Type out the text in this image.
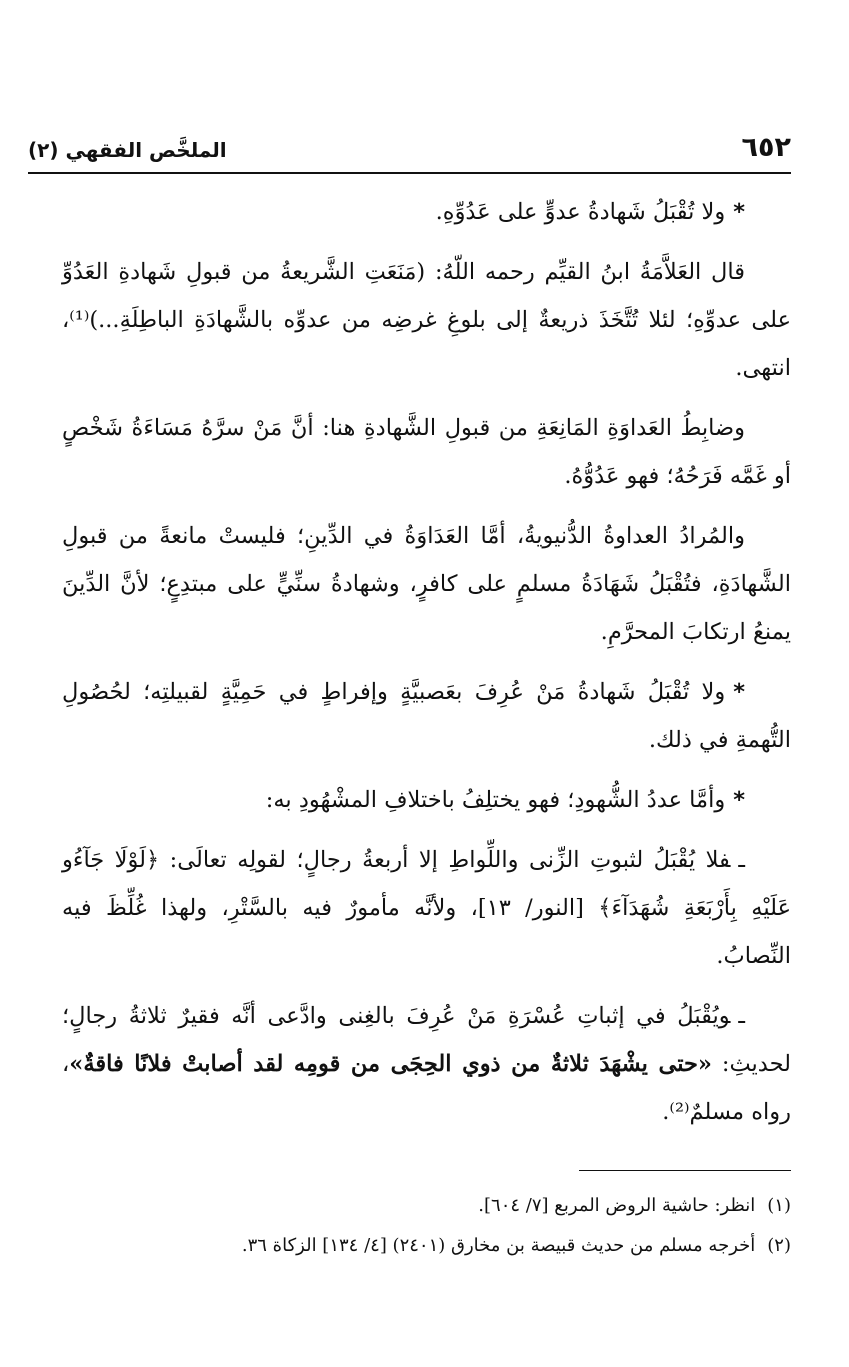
٦٥٢
الملخَّص الفقهي (٢)

*ولا تُقْبَلُ شَهادةُ عدوٍّ على عَدُوِّهِ.

قال العَلاَّمَةُ ابنُ القيِّم رحمه اللّهُ: (مَنَعَتِ الشَّريعةُ من قبولِ شَهادةِ العَدُوِّ على عدوِّهِ؛ لئلا تُتَّخَذَ ذريعةٌ إلى بلوغِ غرضِه من عدوِّه بالشَّهادَةِ الباطِلَةِ...)⁽¹⁾، انتهى.

وضابِطُ العَداوَةِ المَانِعَةِ من قبولِ الشَّهادةِ هنا: أنَّ مَنْ سرَّهُ مَسَاءَةُ شَخْصٍ أو غَمَّه فَرَحُهُ؛ فهو عَدُوُّهُ.

والمُرادُ العداوةُ الدُّنيويةُ، أمَّا العَدَاوَةُ في الدِّينِ؛ فليستْ مانعةً من قبولِ الشَّهادَةِ، فتُقْبَلُ شَهَادَةُ مسلمٍ على كافرٍ، وشهادةُ سنِّيٍّ على مبتدِعٍ؛ لأنَّ الدِّينَ يمنعُ ارتكابَ المحرَّمِ.

*ولا تُقْبَلُ شَهادةُ مَنْ عُرِفَ بعَصبيَّةٍ وإفراطٍ في حَمِيَّةٍ لقبيلتِه؛ لحُصُولِ التُّهمةِ في ذلك.

*وأمَّا عددُ الشُّهودِ؛ فهو يختلِفُ باختلافِ المشْهُودِ به:

ـفلا يُقْبَلُ لثبوتِ الزِّنى واللِّواطِ إلا أربعةُ رجالٍ؛ لقولِه تعالَى: ﴿لَوْلَا جَآءُو عَلَيْهِ بِأَرْبَعَةِ شُهَدَآءَ﴾ [النور/ ١٣]، ولأنَّه مأمورٌ فيه بالسَّتْرِ، ولهذا غُلِّظَ فيه النِّصابُ.

ـويُقْبَلُ في إثباتِ عُسْرَةِ مَنْ عُرِفَ بالغِنى وادَّعى أنَّه فقيرٌ ثلاثةُ رجالٍ؛ لحديثِ: «حتى يشْهَدَ ثلاثةٌ من ذوي الحِجَى من قومِه لقد أصابتْ فلانًا فاقةٌ»، رواه مسلمٌ⁽²⁾.

(١)انظر: حاشية الروض المربع [٧/ ٦٠٤].

(٢)أخرجه مسلم من حديث قبيصة بن مخارق (٢٤٠١) [٤/ ١٣٤] الزكاة ٣٦.
